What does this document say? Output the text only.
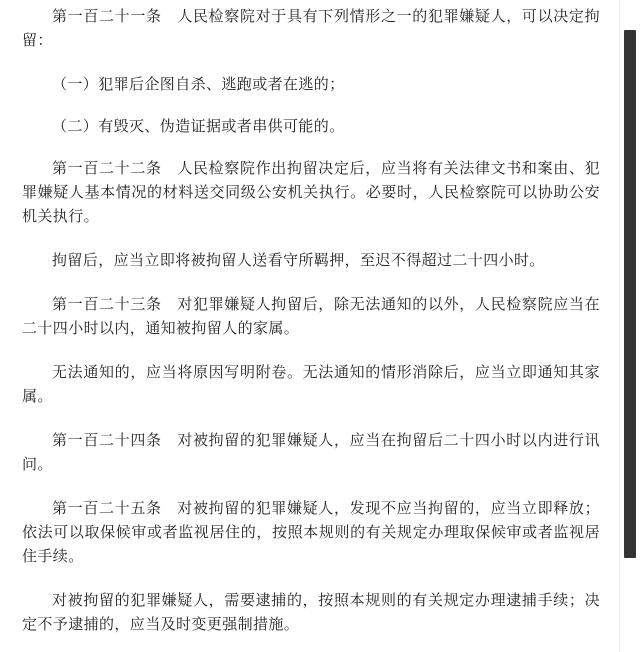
第一百二十一条　人民检察院对于具有下列情形之一的犯罪嫌疑人，可以决定拘留：

（一）犯罪后企图自杀、逃跑或者在逃的；

（二）有毁灭、伪造证据或者串供可能的。

第一百二十二条　人民检察院作出拘留决定后，应当将有关法律文书和案由、犯罪嫌疑人基本情况的材料送交同级公安机关执行。必要时，人民检察院可以协助公安机关执行。

拘留后，应当立即将被拘留人送看守所羁押，至迟不得超过二十四小时。

第一百二十三条　对犯罪嫌疑人拘留后，除无法通知的以外，人民检察院应当在二十四小时以内，通知被拘留人的家属。

无法通知的，应当将原因写明附卷。无法通知的情形消除后，应当立即通知其家属。

第一百二十四条　对被拘留的犯罪嫌疑人，应当在拘留后二十四小时以内进行讯问。

第一百二十五条　对被拘留的犯罪嫌疑人，发现不应当拘留的，应当立即释放；依法可以取保候审或者监视居住的，按照本规则的有关规定办理取保候审或者监视居住手续。

对被拘留的犯罪嫌疑人，需要逮捕的，按照本规则的有关规定办理逮捕手续；决定不予逮捕的，应当及时变更强制措施。
